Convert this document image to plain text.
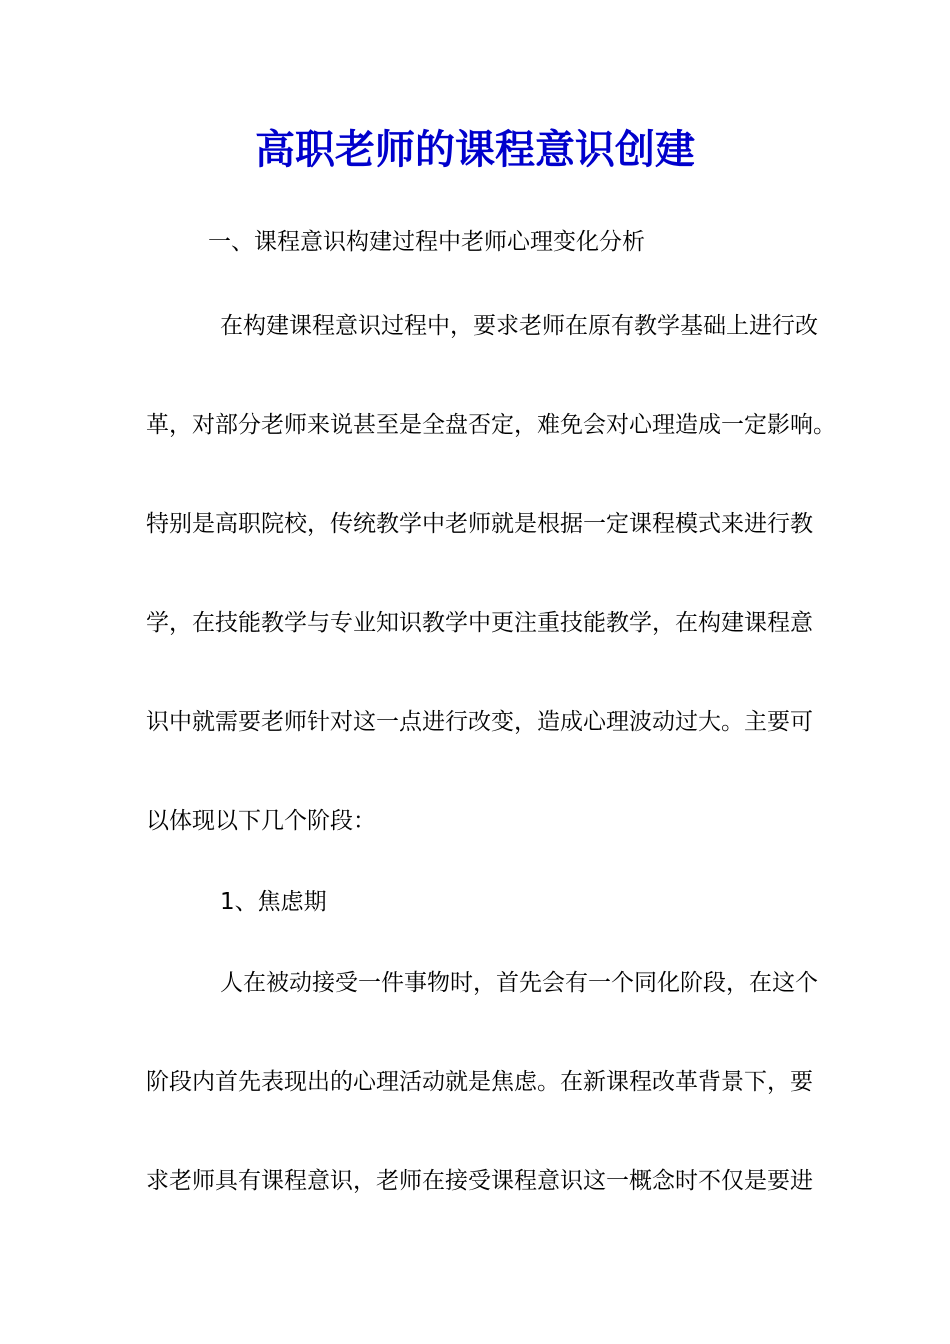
高职老师的课程意识创建
一、课程意识构建过程中老师心理变化分析
在构建课程意识过程中，要求老师在原有教学基础上进行改
革，对部分老师来说甚至是全盘否定，难免会对心理造成一定影响。
特别是高职院校，传统教学中老师就是根据一定课程模式来进行教
学，在技能教学与专业知识教学中更注重技能教学，在构建课程意
识中就需要老师针对这一点进行改变，造成心理波动过大。主要可
以体现以下几个阶段：
1、焦虑期
人在被动接受一件事物时，首先会有一个同化阶段，在这个
阶段内首先表现出的心理活动就是焦虑。在新课程改革背景下，要
求老师具有课程意识，老师在接受课程意识这一概念时不仅是要进
